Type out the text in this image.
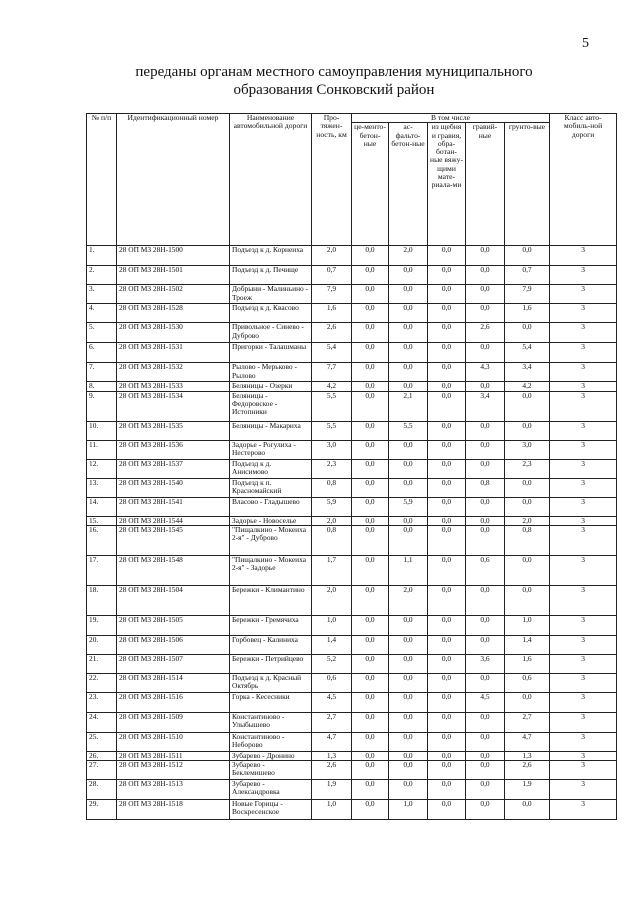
5
переданы органам местного самоуправления муниципального
образования Сонковский район
№ п/п	Идентификационный номер	Наименование автомобильной дороги	Про-тяжен-ность, км	В том числе					Класс авто-мобиль-ной дороги
				це-менто-бетон-ные	ас-фальто-бетон-ные	из щебня и гравия, обра-ботан-ные вяжу-щими мате-риала-ми	гравий-ные	грунто-вые	
1.	28 ОП МЗ 28Н-1500	Подъезд к д. Корнеиха	2,0	0,0	2,0	0,0	0,0	0,0	3
2.	28 ОП МЗ 28Н-1501	Подъезд к д. Печище	0,7	0,0	0,0	0,0	0,0	0,7	3
3.	28 ОП МЗ 28Н-1502	Добрыни - Малиньино - Троеж	7,9	0,0	0,0	0,0	0,0	7,9	3
4.	28 ОП МЗ 28Н-1528	Подъезд к д. Квасово	1,6	0,0	0,0	0,0	0,0	1,6	3
5.	28 ОП МЗ 28Н-1530	Привольное - Синево - Дуброво	2,6	0,0	0,0	0,0	2,6	0,0	3
6.	28 ОП МЗ 28Н-1531	Пригорки - Талашманы	5,4	0,0	0,0	0,0	0,0	5,4	3
7.	28 ОП МЗ 28Н-1532	Рылово - Мерьково - Рылово	7,7	0,0	0,0	0,0	4,3	3,4	3
8.	28 ОП МЗ 28Н-1533	Беляницы - Озерки	4,2	0,0	0,0	0,0	0,0	4,2	3
9.	28 ОП МЗ 28Н-1534	Беляницы - Федоровское - Истопники	5,5	0,0	2,1	0,0	3,4	0,0	3
10.	28 ОП МЗ 28Н-1535	Беляницы - Макариха	5,5	0,0	5,5	0,0	0,0	0,0	3
11.	28 ОП МЗ 28Н-1536	Задорье - Рогулиха - Нестерово	3,0	0,0	0,0	0,0	0,0	3,0	3
12.	28 ОП МЗ 28Н-1537	Подъезд к д. Анисимово	2,3	0,0	0,0	0,0	0,0	2,3	3
13.	28 ОП МЗ 28Н-1540	Подъезд к п. Красномайский	0,8	0,0	0,0	0,0	0,8	0,0	3
14.	28 ОП МЗ 28Н-1541	Власово - Гладышево	5,9	0,0	5,9	0,0	0,0	0,0	3
15.	28 ОП МЗ 28Н-1544	Задорье - Новоселье	2,0	0,0	0,0	0,0	0,0	2,0	3
16.	28 ОП МЗ 28Н-1545	"Пищалкино - Мокеиха 2-я" - Дуброво	0,8	0,0	0,0	0,0	0,0	0,8	3
17.	28 ОП МЗ 28Н-1548	"Пищалкино - Мокеиха 2-я" - Задорье	1,7	0,0	1,1	0,0	0,6	0,0	3
18.	28 ОП МЗ 28Н-1504	Бережки - Климантино	2,0	0,0	2,0	0,0	0,0	0,0	3
19.	28 ОП МЗ 28Н-1505	Бережки - Гремячиха	1,0	0,0	0,0	0,0	0,0	1,0	3
20.	28 ОП МЗ 28Н-1506	Горбовец - Калиниха	1,4	0,0	0,0	0,0	0,0	1,4	3
21.	28 ОП МЗ 28Н-1507	Бережки - Петрийцево	5,2	0,0	0,0	0,0	3,6	1,6	3
22.	28 ОП МЗ 28Н-1514	Подъезд к д. Красный Октябрь	0,6	0,0	0,0	0,0	0,0	0,6	3
23.	28 ОП МЗ 28Н-1516	Горка - Кесесники	4,5	0,0	0,0	0,0	4,5	0,0	3
24.	28 ОП МЗ 28Н-1509	Константиново - Улыбышево	2,7	0,0	0,0	0,0	0,0	2,7	3
25.	28 ОП МЗ 28Н-1510	Константиново - Неборово	4,7	0,0	0,0	0,0	0,0	4,7	3
26.	28 ОП МЗ 28Н-1511	Зубарево - Дронино	1,3	0,0	0,0	0,0	0,0	1,3	3
27.	28 ОП МЗ 28Н-1512	Зубарево - Беклемишево	2,6	0,0	0,0	0,0	0,0	2,6	3
28.	28 ОП МЗ 28Н-1513	Зубарево - Александровка	1,9	0,0	0,0	0,0	0,0	1,9	3
29.	28 ОП МЗ 28Н-1518	Новые Горицы - Воскресенское	1,0	0,0	1,0	0,0	0,0	0,0	3
